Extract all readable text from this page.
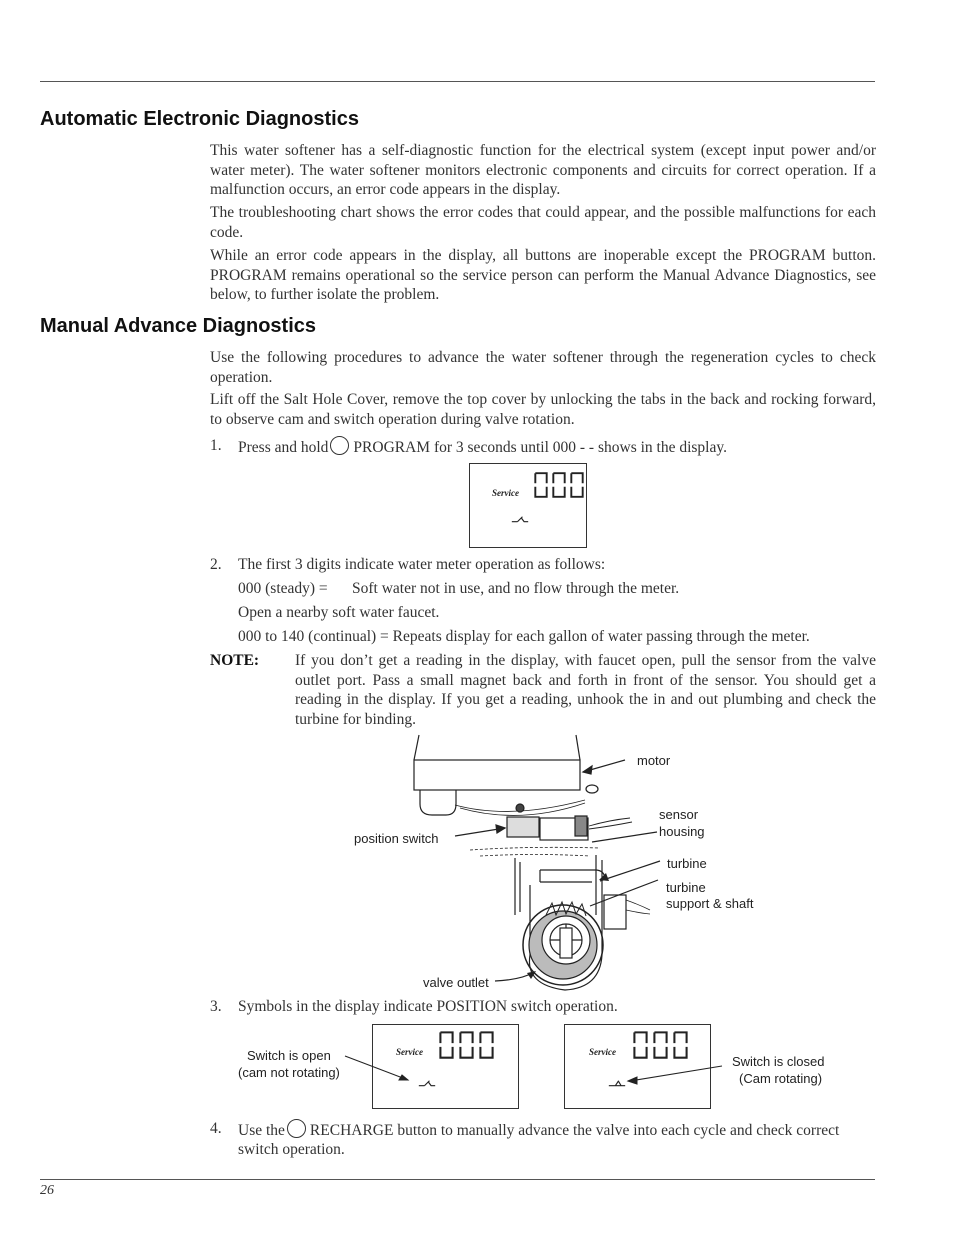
Automatic Electronic Diagnostics

This water softener has a self-diagnostic function for the electrical system (except input power and/or water meter). The water softener monitors electronic components and circuits for correct operation. If a malfunction occurs, an error code appears in the display.

The troubleshooting chart shows the error codes that could appear, and the possible malfunctions for each code.

While an error code appears in the display, all buttons are inoperable except the PROGRAM button. PROGRAM remains operational so the service person can perform the Manual Advance Diagnostics, see below, to further isolate the problem.

Manual Advance Diagnostics

Use the following procedures to advance the water softener through the regeneration cycles to check operation.

Lift off the Salt Hole Cover, remove the top cover by unlocking the tabs in the back and rocking forward, to observe cam and switch operation during valve rotation.

1. Press and hold PROGRAM for 3 seconds until 000 - - shows in the display.
Service
2. The first 3 digits indicate water meter operation as follows:
000 (steady) = Soft water not in use, and no flow through the meter.
Open a nearby soft water faucet.
000 to 140 (continual) = Repeats display for each gallon of water passing through the meter.
NOTE: If you don’t get a reading in the display, with faucet open, pull the sensor from the valve outlet port. Pass a small magnet back and forth in front of the sensor. You should get a reading in the display. If you get a reading, unhook the in and out plumbing and check the turbine for binding.

motor
sensor
housing
position switch
turbine
turbine
support & shaft
valve outlet
3. Symbols in the display indicate POSITION switch operation.
Switch is open
(cam not rotating)
Service	Service
Switch is closed
(Cam rotating)
4. Use the RECHARGE button to manually advance the valve into each cycle and check correct
switch operation.
26
